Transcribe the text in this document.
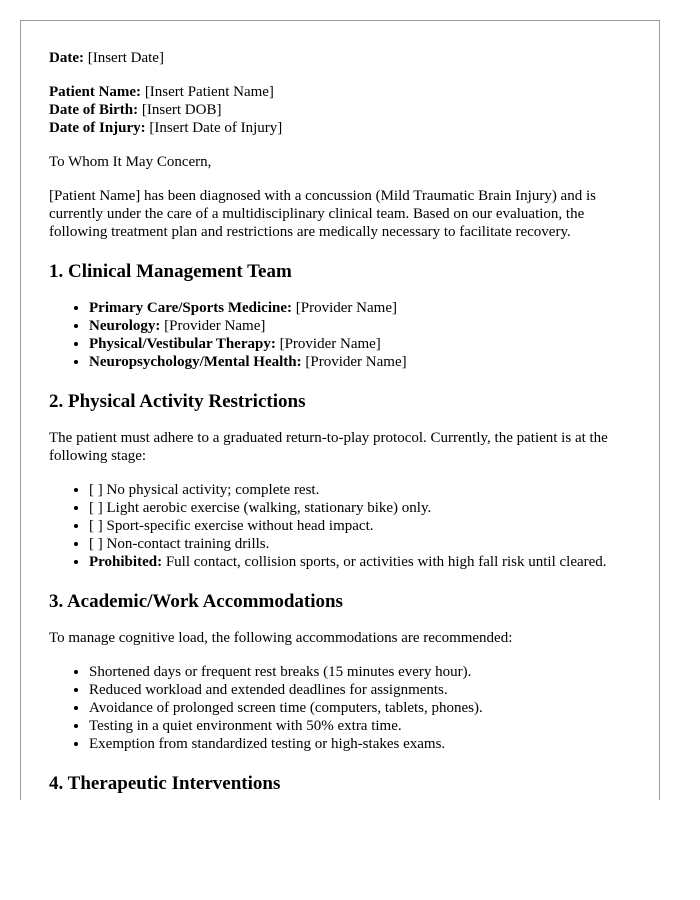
Date: [Insert Date]

Patient Name: [Insert Patient Name]
Date of Birth: [Insert DOB]
Date of Injury: [Insert Date of Injury]

To Whom It May Concern,

[Patient Name] has been diagnosed with a concussion (Mild Traumatic Brain Injury) and is currently under the care of a multidisciplinary clinical team. Based on our evaluation, the following treatment plan and restrictions are medically necessary to facilitate recovery.

1. Clinical Management Team
• Primary Care/Sports Medicine: [Provider Name]
• Neurology: [Provider Name]
• Physical/Vestibular Therapy: [Provider Name]
• Neuropsychology/Mental Health: [Provider Name]
2. Physical Activity Restrictions

The patient must adhere to a graduated return-to-play protocol. Currently, the patient is at the following stage:

• [ ] No physical activity; complete rest.
• [ ] Light aerobic exercise (walking, stationary bike) only.
• [ ] Sport-specific exercise without head impact.
• [ ] Non-contact training drills.
• Prohibited: Full contact, collision sports, or activities with high fall risk until cleared.
3. Academic/Work Accommodations

To manage cognitive load, the following accommodations are recommended:

• Shortened days or frequent rest breaks (15 minutes every hour).
• Reduced workload and extended deadlines for assignments.
• Avoidance of prolonged screen time (computers, tablets, phones).
• Testing in a quiet environment with 50% extra time.
• Exemption from standardized testing or high-stakes exams.
4. Therapeutic Interventions
